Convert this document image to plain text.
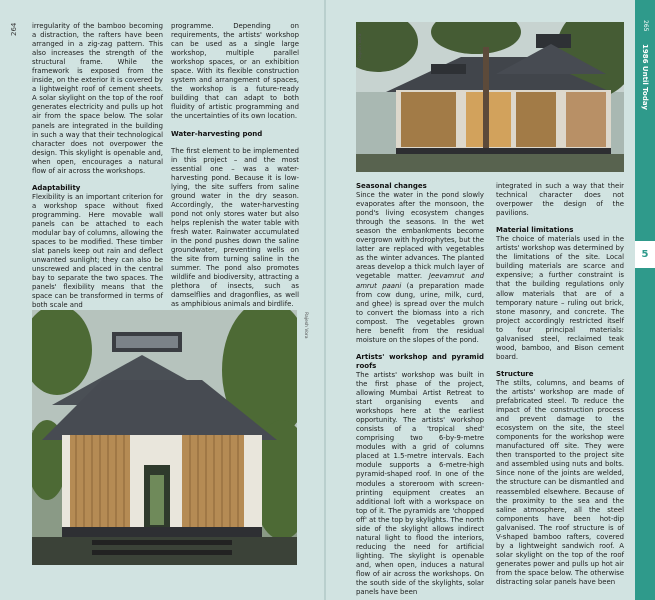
264 irregularity of the bamboo becoming a distraction, the rafters have been arranged in a zig-zag pattern. This also increases the strength of the structural frame. While the framework is exposed from the inside, on the exterior it is covered by a lightweight roof of cement sheets. A solar skylight on the top of the roof generates electricity and pulls up hot air from the space below. The solar panels are integrated in the building in such a way that their technological character does not overpower the design. This skylight is openable and, when open, encourages a natural flow of air across the workshops.

Adaptability

Flexibility is an important criterion for a workshop space without fixed programming. Here movable wall panels can be attached to each modular bay of columns, allowing the spaces to be modified. These timber slat panels keep out rain and deflect unwanted sunlight; they can also be unscrewed and placed in the central bay to separate the two spaces. The panels' flexibility means that the space can be transformed in terms of both scale and

programme. Depending on requirements, the artists' workshop can be used as a single large workshop, multiple parallel workshop spaces, or an exhibition space. With its flexible construction system and arrangement of spaces, the workshop is a future-ready building that can adapt to both fluidity of artistic programming and the uncertainties of its own location.

Water-harvesting pond

The first element to be implemented in this project – and the most essential one – was a water-harvesting pond. Because it is low-lying, the site suffers from saline ground water in the dry season. Accordingly, the water-harvesting pond not only stores water but also helps replenish the water table with fresh water. Rainwater accumulated in the pond pushes down the saline groundwater, preventing wells on the site from turning saline in the summer. The pond also promotes wildlife and biodiversity, attracting a plethora of insects, such as damselflies and dragonflies, as well as amphibious animals and birdlife.

Rajesh Vora
Rajesh Vora
Seasonal changes

Since the water in the pond slowly evaporates after the monsoon, the pond's living ecosystem changes through the seasons. In the wet season the embankments become overgrown with hydrophytes, but the latter are replaced with vegetables as the winter advances. The planted areas develop a thick mulch layer of vegetable matter. Jeevamrut and amrut paani (a preparation made from cow dung, urine, milk, curd, and ghee) is spread over the mulch to convert the biomass into a rich compost. The vegetables grown here benefit from the residual moisture on the slopes of the pond.

Artists' workshop and pyramid roofs

The artists' workshop was built in the first phase of the project, allowing Mumbai Artist Retreat to start organising events and workshops here at the earliest opportunity. The artists' workshop consists of a 'tropical shed' comprising two 6-by-9-metre modules with a grid of columns placed at 1.5-metre intervals. Each module supports a 6-metre-high pyramid-shaped roof. In one of the modules a storeroom with screen-printing equipment creates an additional loft with a workspace on top of it. The pyramids are 'chopped off' at the top by skylights. The north side of the skylight allows indirect natural light to flood the interiors, reducing the need for artificial lighting. The skylight is openable and, when open, induces a natural flow of air across the workshops. On the south side of the skylights, solar panels have been

integrated in such a way that their technical character does not overpower the design of the pavilions.

Material limitations

The choice of materials used in the artists' workshop was determined by the limitations of the site. Local building materials are scarce and expensive; a further constraint is that the building regulations only allow materials that are of a temporary nature – ruling out brick, stone masonry, and concrete. The project accordingly restricted itself to four principal materials: galvanised steel, reclaimed teak wood, bamboo, and Bison cement board.

Structure

The stilts, columns, and beams of the artists' workshop are made of prefabricated steel. To reduce the impact of the construction process and prevent damage to the ecosystem on the site, the steel components for the workshop were manufactured off site. They were then transported to the project site and assembled using nuts and bolts. Since none of the joints are welded, the structure can be dismantled and reassembled elsewhere. Because of the proximity to the sea and the saline atmosphere, all the steel components have been hot-dip galvanised. The roof structure is of V-shaped bamboo rafters, covered by a lightweight sandwich roof. A solar skylight on the top of the roof generates power and pulls up hot air from the space below. The otherwise distracting solar panels have been

265
1986 Until Today
5
